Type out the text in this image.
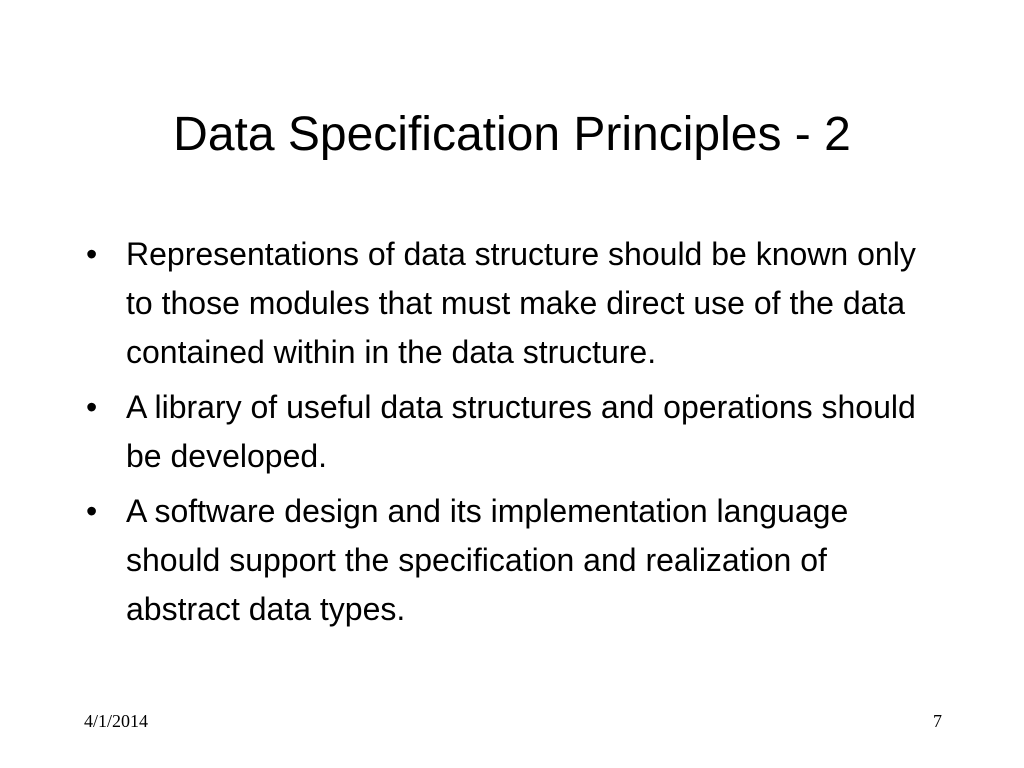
Data Specification Principles - 2
• Representations of data structure should be known only to those modules that must make direct use of the data contained within in the data structure.
• A library of useful data structures and operations should be developed.
• A software design and its implementation language should support the specification and realization of abstract data types.
4/1/2014	7
